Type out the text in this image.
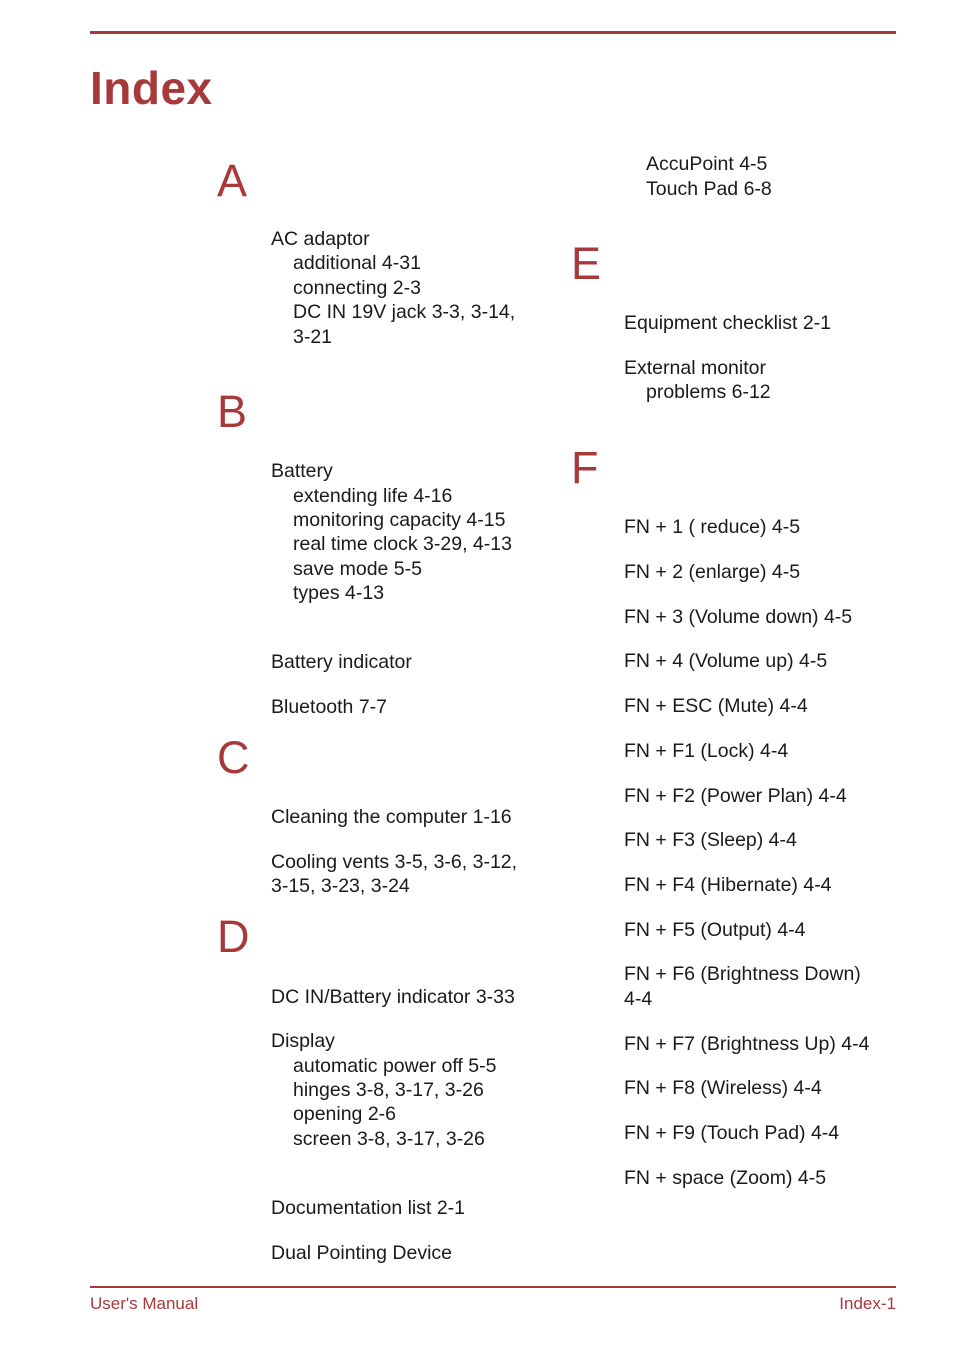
Index
A
AC adaptor
additional 4-31
connecting 2-3
DC IN 19V jack 3-3, 3-14,
3-21
B
Battery
extending life 4-16
monitoring capacity 4-15
real time clock 3-29, 4-13
save mode 5-5
types 4-13
Battery indicator
Bluetooth 7-7
C
Cleaning the computer 1-16
Cooling vents 3-5, 3-6, 3-12,
3-15, 3-23, 3-24
D
DC IN/Battery indicator 3-33
Display
automatic power off 5-5
hinges 3-8, 3-17, 3-26
opening 2-6
screen 3-8, 3-17, 3-26
Documentation list 2-1
Dual Pointing Device
AccuPoint 4-5
Touch Pad 6-8
E
Equipment checklist 2-1
External monitor
problems 6-12
F
FN + 1 ( reduce) 4-5
FN + 2 (enlarge) 4-5
FN + 3 (Volume down) 4-5
FN + 4 (Volume up) 4-5
FN + ESC (Mute) 4-4
FN + F1 (Lock) 4-4
FN + F2 (Power Plan) 4-4
FN + F3 (Sleep) 4-4
FN + F4 (Hibernate) 4-4
FN + F5 (Output) 4-4
FN + F6 (Brightness Down)
4-4
FN + F7 (Brightness Up) 4-4
FN + F8 (Wireless) 4-4
FN + F9 (Touch Pad) 4-4
FN + space (Zoom) 4-5
User's Manual	Index-1
